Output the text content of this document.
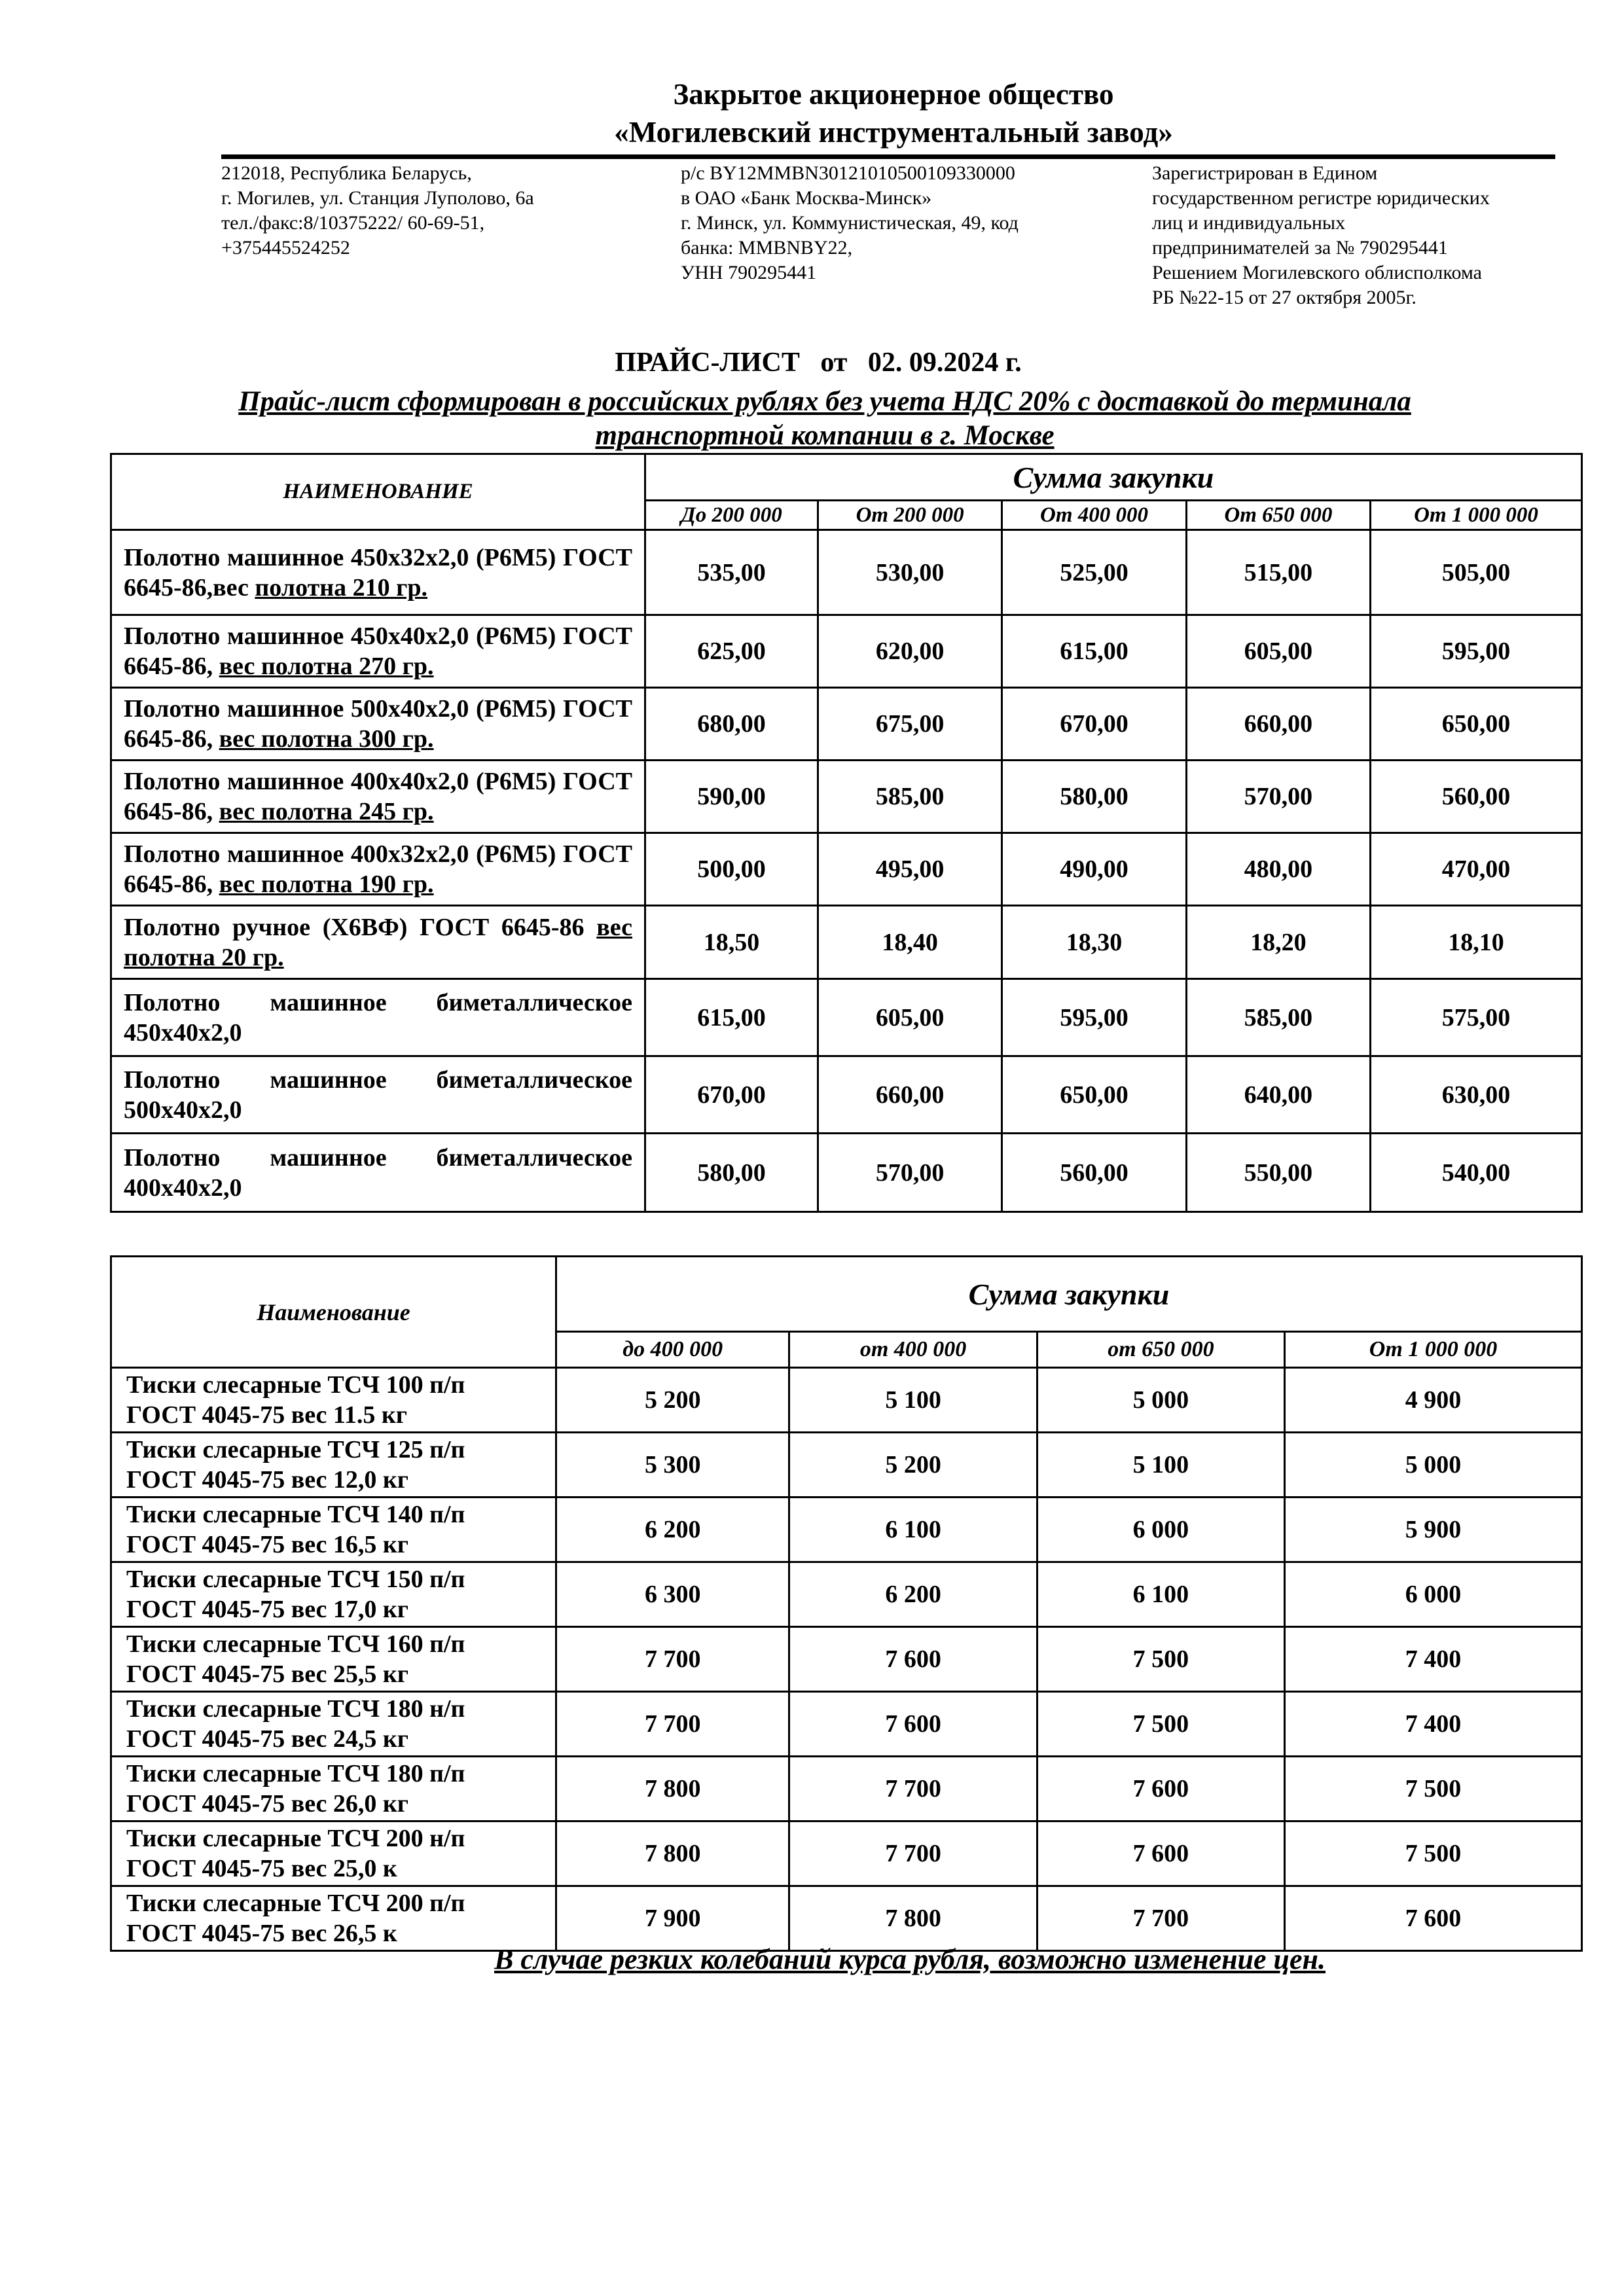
Закрытое акционерное общество
«Могилевский инструментальный завод»
212018, Республика Беларусь,
г. Могилев, ул. Станция Луполово, 6а
тел./факс:8/10375222/ 60-69-51,
+375445524252
р/с BY12MMBN30121010500109330000
в ОАО «Банк Москва-Минск»
г. Минск, ул. Коммунистическая, 49, код
банка: MMBNBY22,
УНН 790295441
Зарегистрирован в Едином
государственном регистре юридических
лиц и индивидуальных
предпринимателей за № 790295441
Решением Могилевского облисполкома
РБ №22-15 от 27 октября 2005г.
ПРАЙС-ЛИСТ   от   02. 09.2024 г.
Прайс-лист сформирован в российских рублях без учета НДС 20% с доставкой до терминала транспортной компании в г. Москве
НАИМЕНОВАНИЕ	Сумма закупки				
	До 200 000	От 200 000	От 400 000	От 650 000	От 1 000 000
Полотно машинное 450х32х2,0 (Р6М5) ГОСТ 6645-86,вес полотна 210 гр.	535,00	530,00	525,00	515,00	505,00
Полотно машинное 450х40х2,0 (Р6М5) ГОСТ 6645-86, вес полотна 270 гр.	625,00	620,00	615,00	605,00	595,00
Полотно машинное 500х40х2,0 (Р6М5) ГОСТ 6645-86, вес полотна 300 гр.	680,00	675,00	670,00	660,00	650,00
Полотно машинное 400х40х2,0 (Р6М5) ГОСТ 6645-86, вес полотна 245 гр.	590,00	585,00	580,00	570,00	560,00
Полотно машинное 400х32х2,0 (Р6М5) ГОСТ 6645-86, вес полотна 190 гр.	500,00	495,00	490,00	480,00	470,00
Полотно ручное (Х6ВФ) ГОСТ 6645-86 вес полотна 20 гр.	18,50	18,40	18,30	18,20	18,10
Полотно машинное биметаллическое 450х40х2,0	615,00	605,00	595,00	585,00	575,00
Полотно машинное биметаллическое 500х40х2,0	670,00	660,00	650,00	640,00	630,00
Полотно машинное биметаллическое 400х40х2,0	580,00	570,00	560,00	550,00	540,00
Наименование	Сумма закупки			
	до 400 000	от 400 000	от 650 000	От 1 000 000

Тиски слесарные ТСЧ 100 п/п
ГОСТ 4045-75 вес 11.5 кг	5 200	5 100	5 000	4 900

Тиски слесарные ТСЧ 125 п/п
ГОСТ 4045-75 вес 12,0 кг	5 300	5 200	5 100	5 000

Тиски слесарные ТСЧ 140 п/п
ГОСТ 4045-75 вес 16,5 кг	6 200	6 100	6 000	5 900

Тиски слесарные ТСЧ 150 п/п
ГОСТ 4045-75 вес 17,0 кг	6 300	6 200	6 100	6 000

Тиски слесарные ТСЧ 160 п/п
ГОСТ 4045-75 вес 25,5 кг	7 700	7 600	7 500	7 400

Тиски слесарные ТСЧ 180 н/п
ГОСТ 4045-75 вес 24,5 кг	7 700	7 600	7 500	7 400

Тиски слесарные ТСЧ 180 п/п
ГОСТ 4045-75 вес 26,0 кг	7 800	7 700	7 600	7 500

Тиски слесарные ТСЧ 200 н/п
ГОСТ 4045-75 вес 25,0 к	7 800	7 700	7 600	7 500

Тиски слесарные ТСЧ 200 п/п
ГОСТ 4045-75 вес 26,5 к	7 900	7 800	7 700	7 600
В случае резких колебаний курса рубля, возможно изменение цен.
